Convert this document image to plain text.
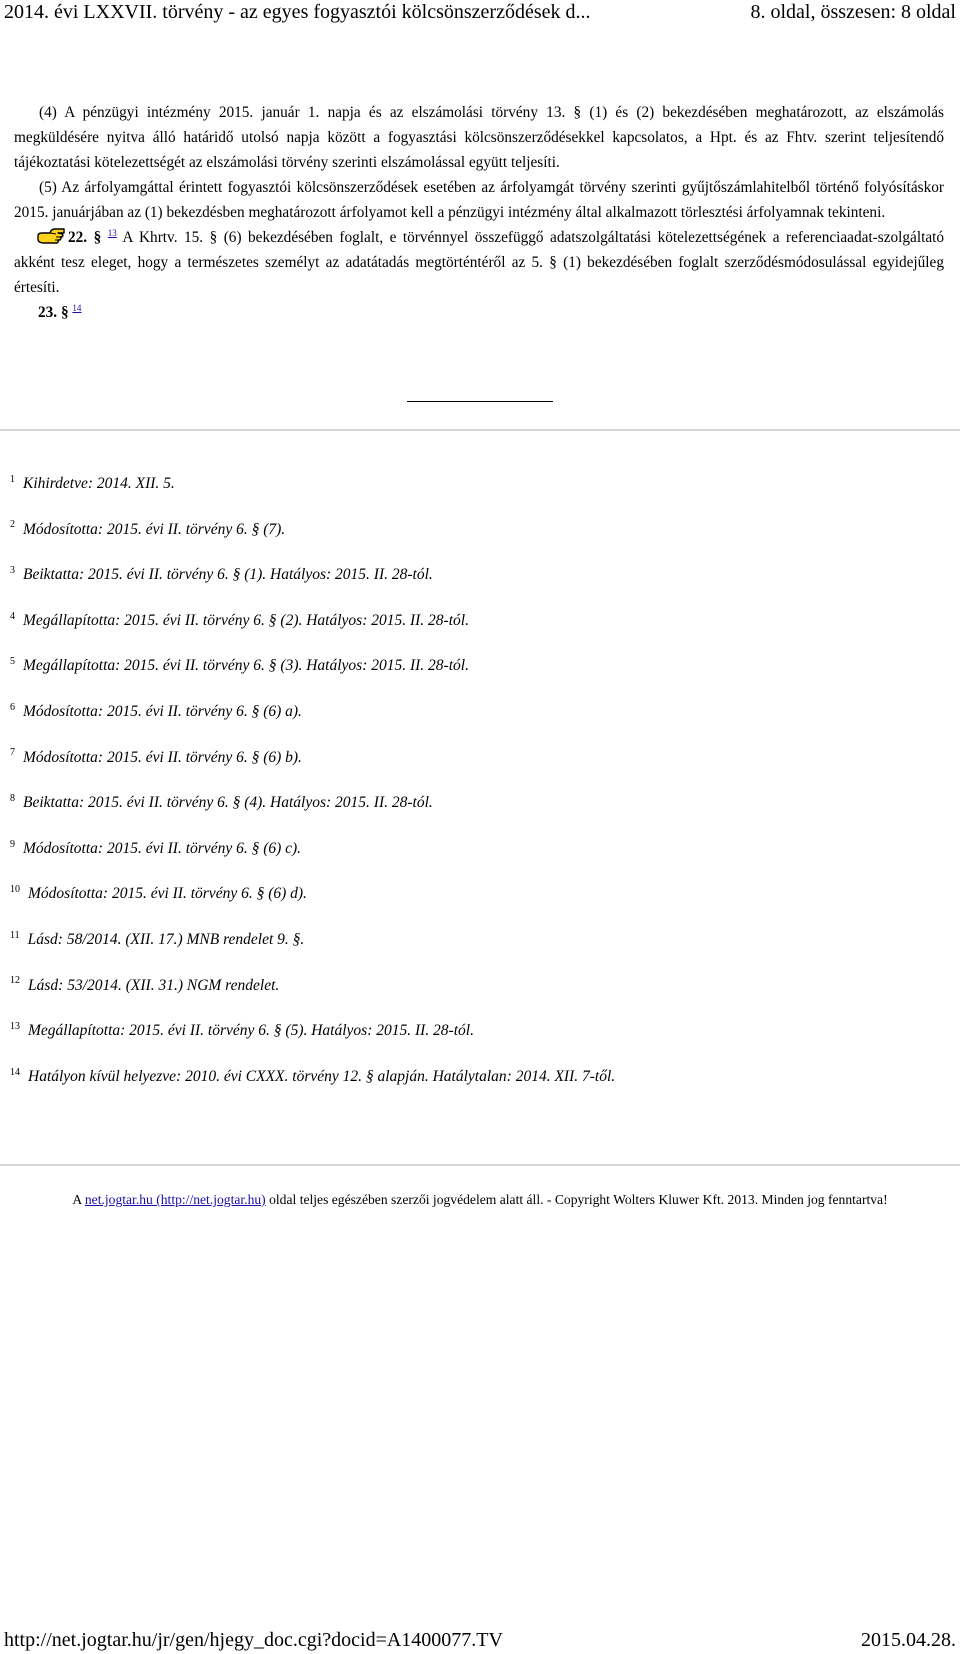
2014. évi LXXVII. törvény - az egyes fogyasztói kölcsönszerződések d...	8. oldal, összesen: 8 oldal

(4) A pénzügyi intézmény 2015. január 1. napja és az elszámolási törvény 13. § (1) és (2) bekezdésében meghatározott, az elszámolás megküldésére nyitva álló határidő utolsó napja között a fogyasztási kölcsönszerződésekkel kapcsolatos, a Hpt. és az Fhtv. szerint teljesítendő tájékoztatási kötelezettségét az elszámolási törvény szerinti elszámolással együtt teljesíti.

(5) Az árfolyamgáttal érintett fogyasztói kölcsönszerződések esetében az árfolyamgát törvény szerinti gyűjtőszámlahitelből történő folyósításkor 2015. januárjában az (1) bekezdésben meghatározott árfolyamot kell a pénzügyi intézmény által alkalmazott törlesztési árfolyamnak tekinteni.

22. § $^{13}$ A Khrtv. 15. § (6) bekezdésében foglalt, e törvénnyel összefüggő adatszolgáltatási kötelezettségének a referenciaadat-szolgáltató akként tesz eleget, hogy a természetes személyt az adatátadás megtörténtéről az 5. § (1) bekezdésében foglalt szerződésmódosulással egyidejűleg értesíti.

23. § $^{14}$

$^1$ Kihirdetve: 2014. XII. 5.
$^2$ Módosította: 2015. évi II. törvény 6. § (7).
$^3$ Beiktatta: 2015. évi II. törvény 6. § (1). Hatályos: 2015. II. 28-tól.
$^4$ Megállapította: 2015. évi II. törvény 6. § (2). Hatályos: 2015. II. 28-tól.
$^5$ Megállapította: 2015. évi II. törvény 6. § (3). Hatályos: 2015. II. 28-tól.
$^6$ Módosította: 2015. évi II. törvény 6. § (6) a).
$^7$ Módosította: 2015. évi II. törvény 6. § (6) b).
$^8$ Beiktatta: 2015. évi II. törvény 6. § (4). Hatályos: 2015. II. 28-tól.
$^9$ Módosította: 2015. évi II. törvény 6. § (6) c).
$^{10}$ Módosította: 2015. évi II. törvény 6. § (6) d).
$^{11}$ Lásd: 58/2014. (XII. 17.) MNB rendelet 9. §.
$^{12}$ Lásd: 53/2014. (XII. 31.) NGM rendelet.
$^{13}$ Megállapította: 2015. évi II. törvény 6. § (5). Hatályos: 2015. II. 28-tól.
$^{14}$ Hatályon kívül helyezve: 2010. évi CXXX. törvény 12. § alapján. Hatálytalan: 2014. XII. 7-től.
A net.jogtar.hu (http://net.jogtar.hu) oldal teljes egészében szerzői jogvédelem alatt áll. - Copyright Wolters Kluwer Kft. 2013. Minden jog fenntartva!
http://net.jogtar.hu/jr/gen/hjegy_doc.cgi?docid=A1400077.TV	2015.04.28.
